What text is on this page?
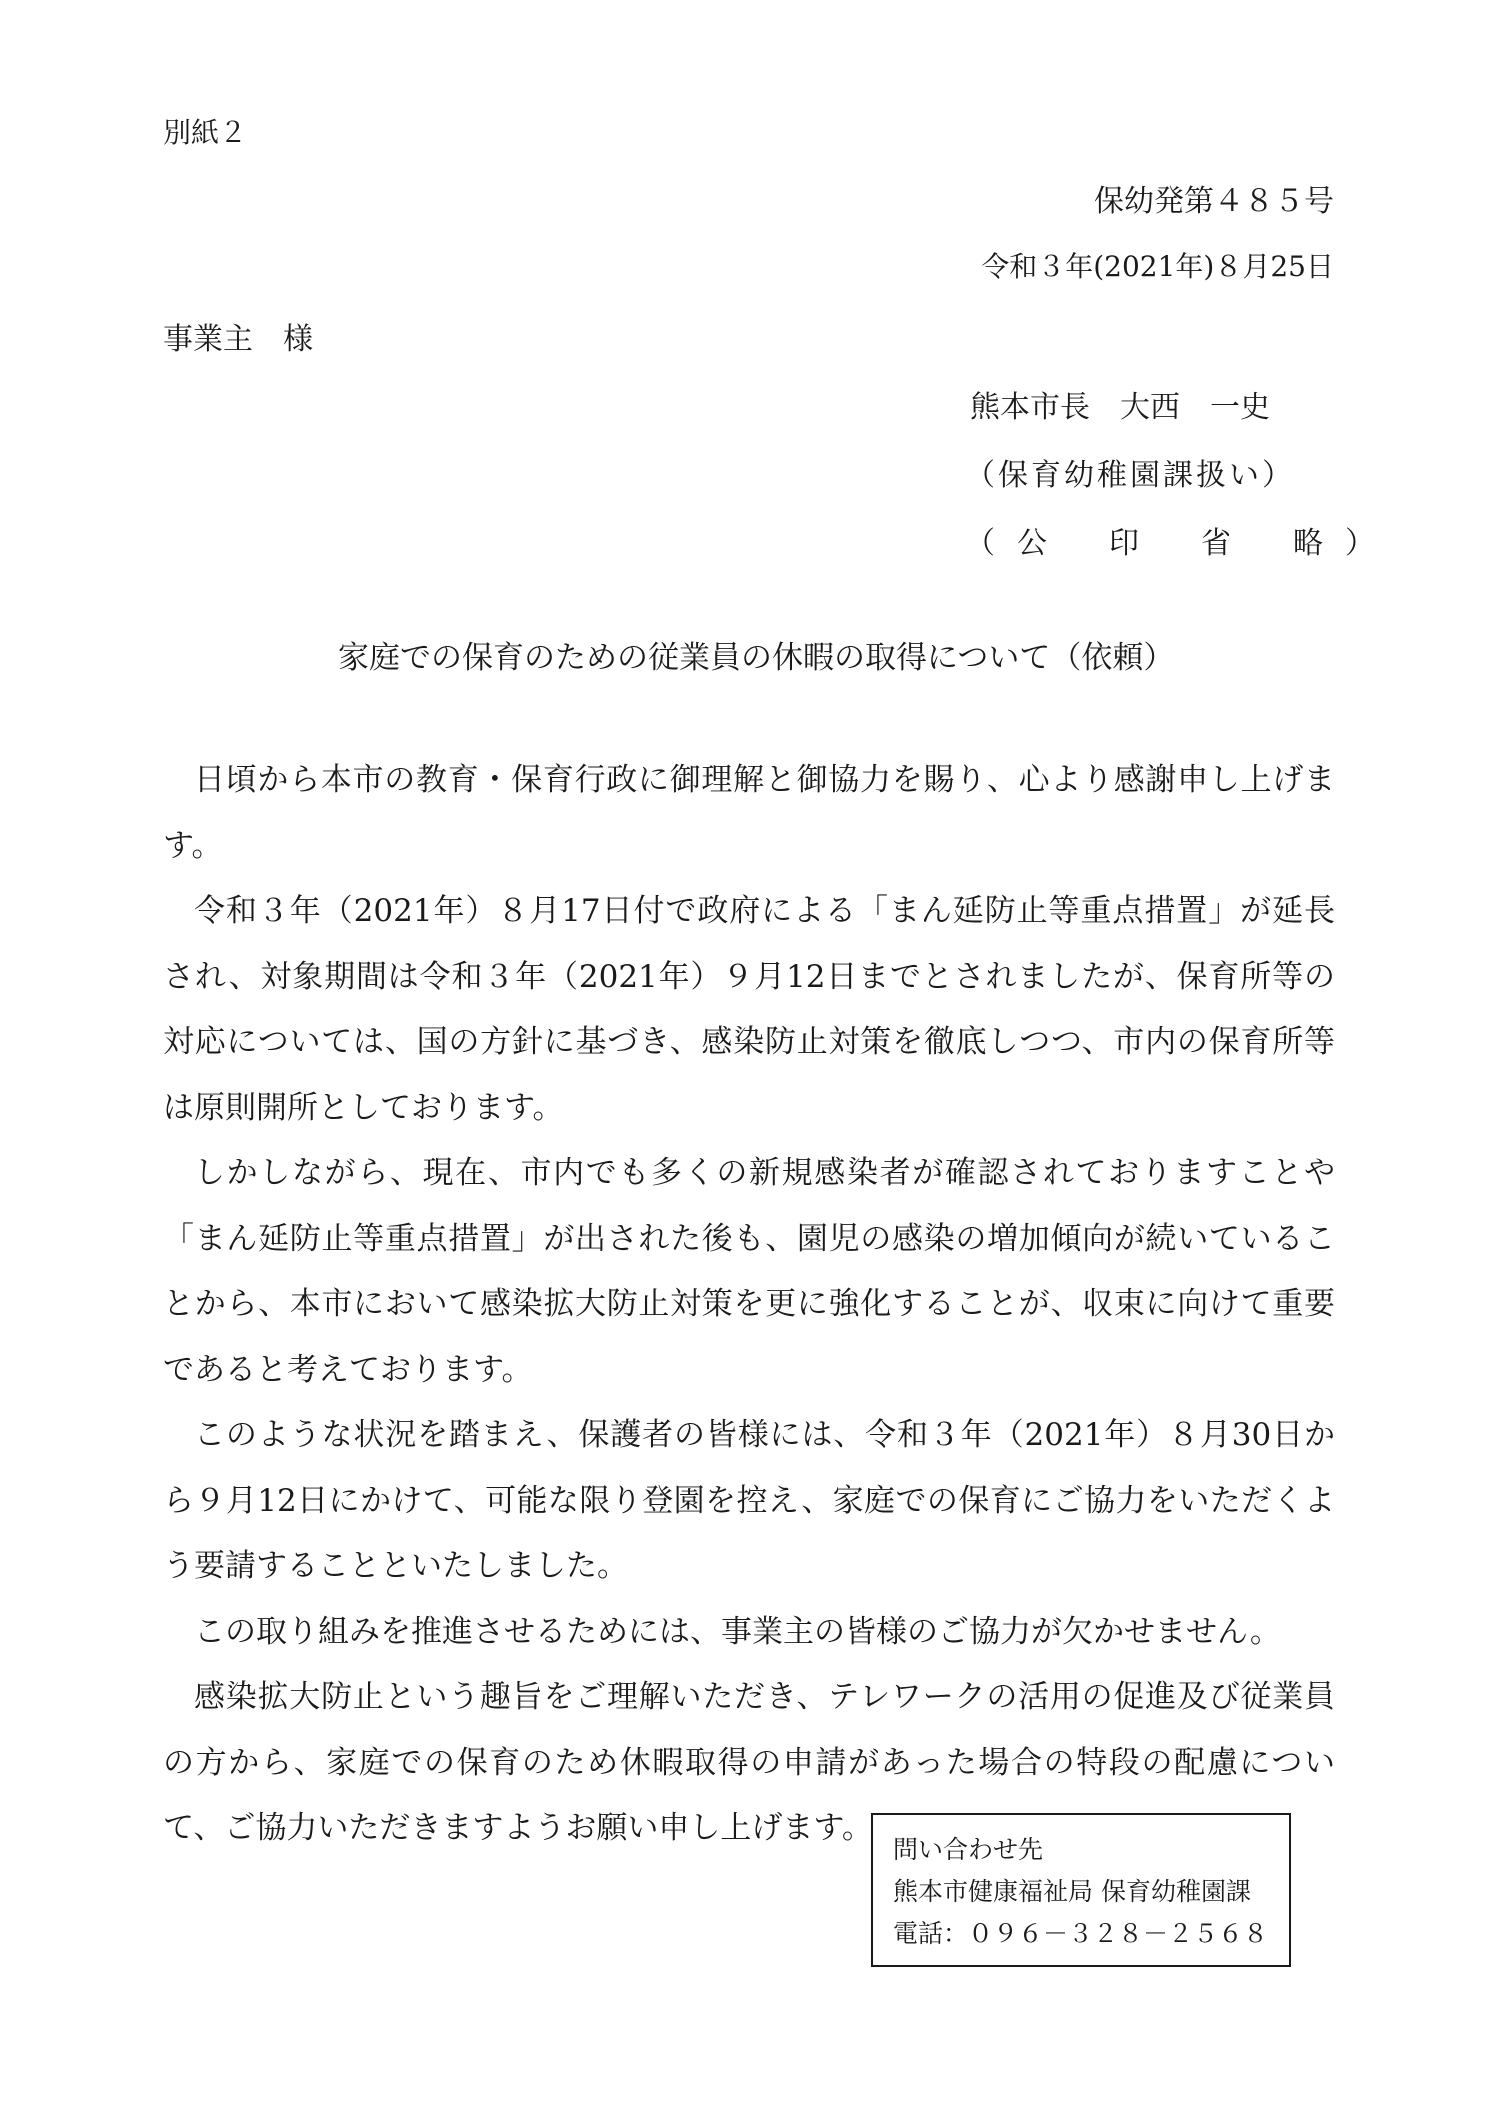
別紙２
保幼発第４８５号
令和３年(2021年)８月25日
事業主　様
熊本市長　大西　一史
（保育幼稚園課扱い）
（ 公 印 省 略 ）
家庭での保育のための従業員の休暇の取得について（依頼）

日頃から本市の教育・保育行政に御理解と御協力を賜り、心より感謝申し上げます。

令和３年（2021年）８月17日付で政府による「まん延防止等重点措置」が延長され、対象期間は令和３年（2021年）９月12日までとされましたが、保育所等の対応については、国の方針に基づき、感染防止対策を徹底しつつ、市内の保育所等は原則開所としております。

しかしながら、現在、市内でも多くの新規感染者が確認されておりますことや「まん延防止等重点措置」が出された後も、園児の感染の増加傾向が続いていることから、本市において感染拡大防止対策を更に強化することが、収束に向けて重要であると考えております。

このような状況を踏まえ、保護者の皆様には、令和３年（2021年）８月30日から９月12日にかけて、可能な限り登園を控え、家庭での保育にご協力をいただくよう要請することといたしました。

この取り組みを推進させるためには、事業主の皆様のご協力が欠かせません。

感染拡大防止という趣旨をご理解いただき、テレワークの活用の促進及び従業員の方から、家庭での保育のため休暇取得の申請があった場合の特段の配慮について、ご協力いただきますようお願い申し上げます。

問い合わせ先
熊本市健康福祉局 保育幼稚園課
電話：０９６－３２８－２５６８
